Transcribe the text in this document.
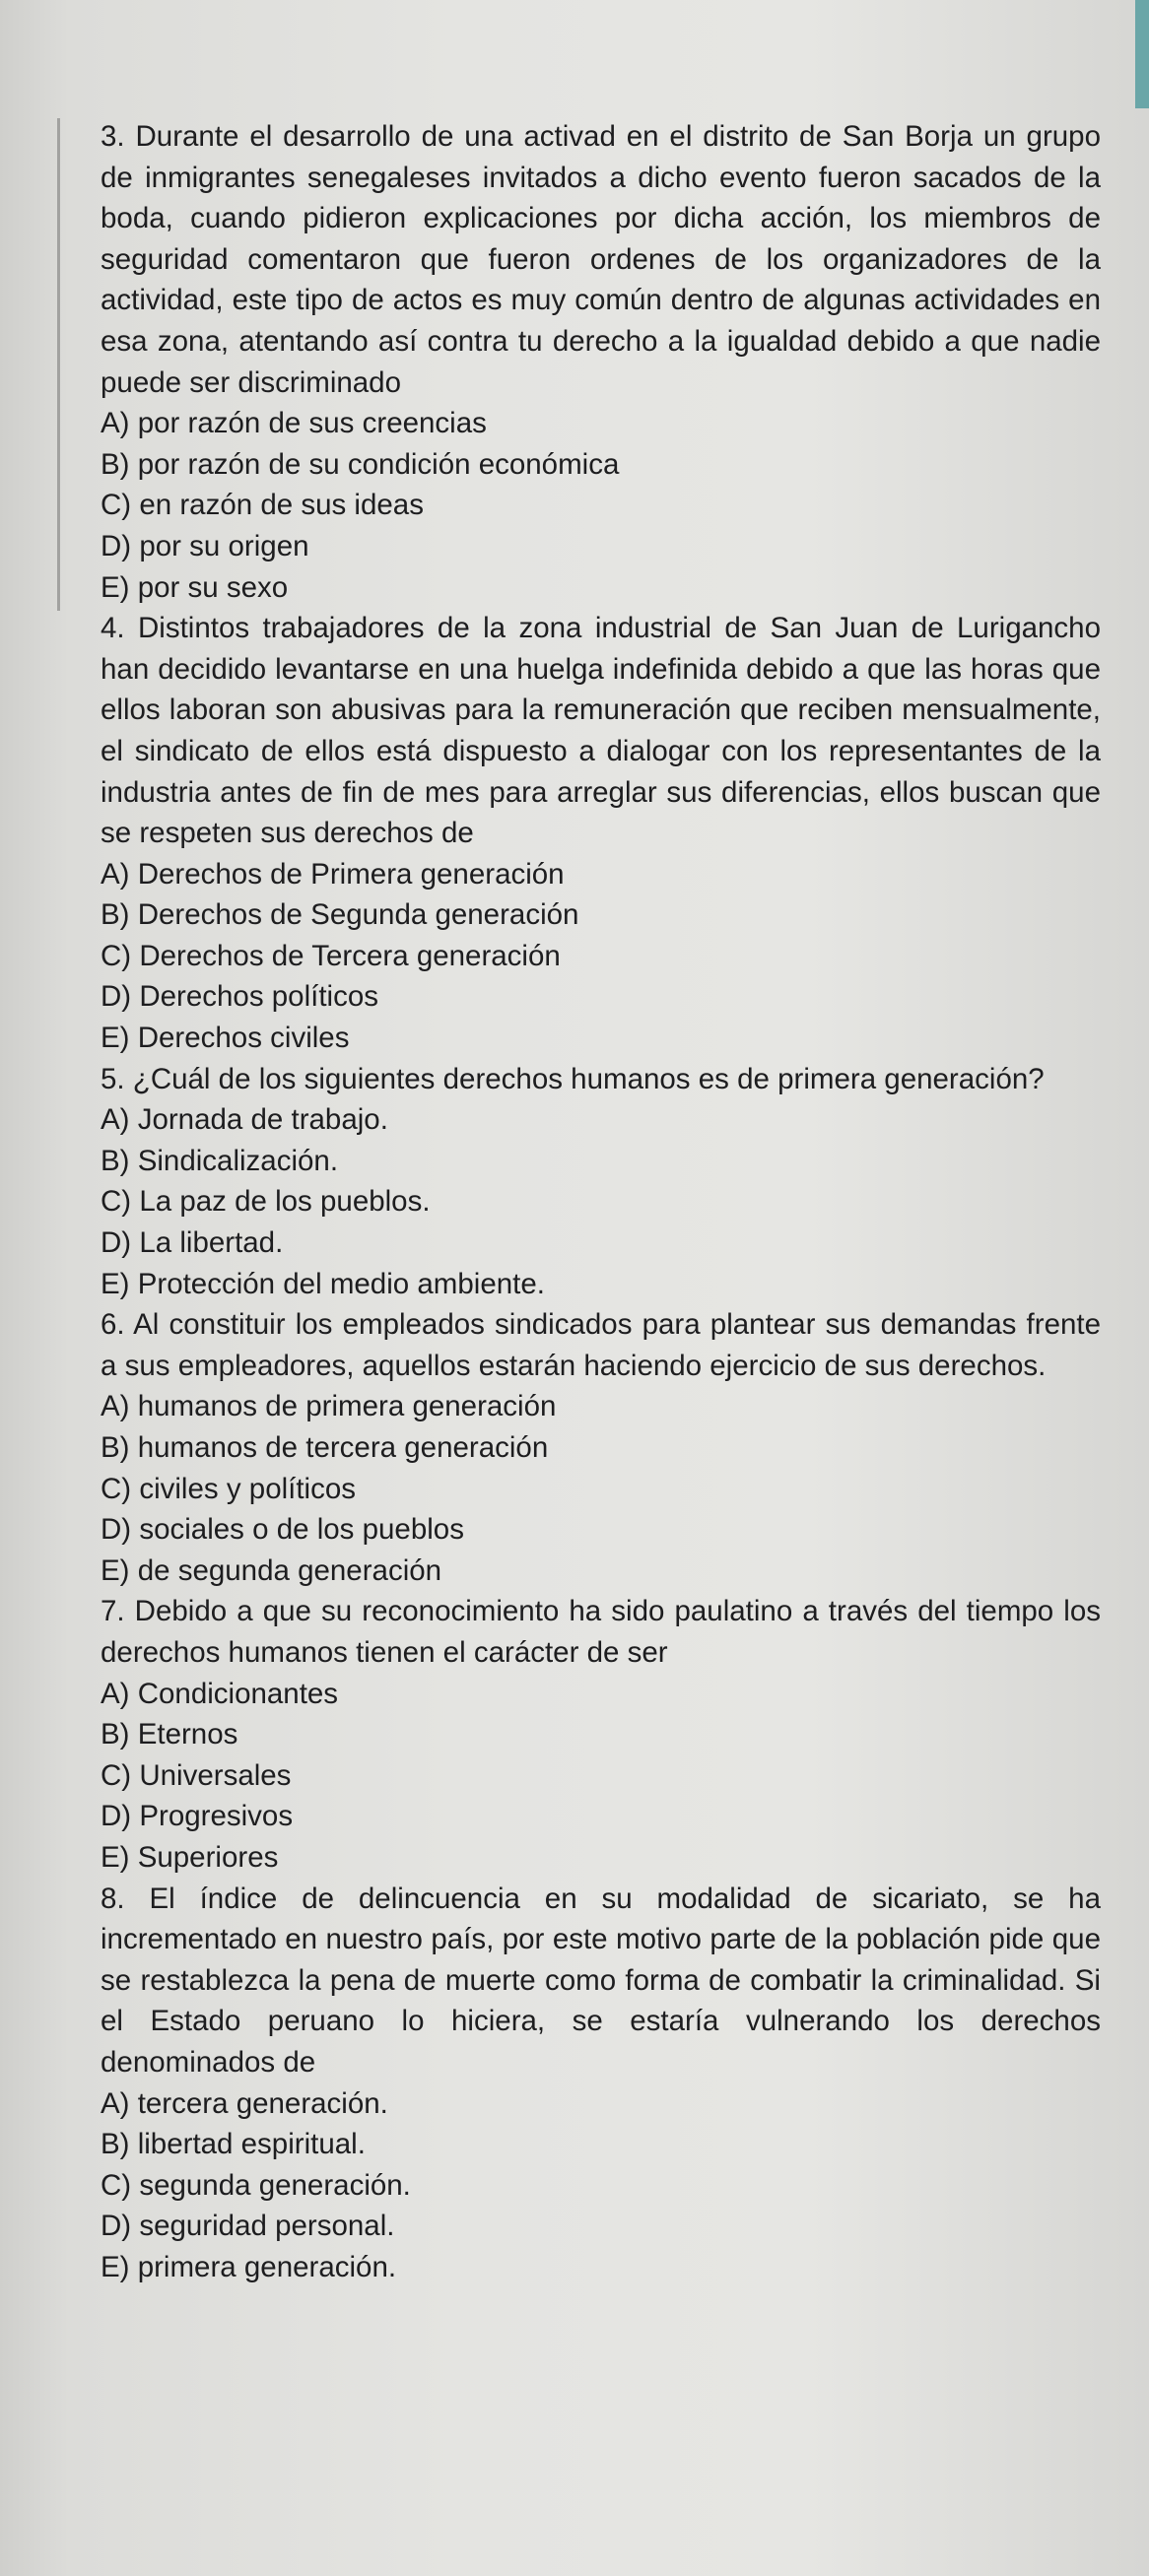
3. Durante el desarrollo de una activad en el distrito de San Borja un grupo de inmigrantes senegaleses invitados a dicho evento fueron sacados de la boda, cuando pidieron explicaciones por dicha acción, los miembros de seguridad comentaron que fueron ordenes de los organizadores de la actividad, este tipo de actos es muy común dentro de algunas actividades en esa zona, atentando así contra tu derecho a la igualdad debido a que nadie puede ser discriminado

A) por razón de sus creencias
B) por razón de su condición económica
C) en razón de sus ideas
D) por su origen
E) por su sexo

4. Distintos trabajadores de la zona industrial de San Juan de Lurigancho han decidido levantarse en una huelga indefinida debido a que las horas que ellos laboran son abusivas para la remuneración que reciben mensualmente, el sindicato de ellos está dispuesto a dialogar con los representantes de la industria antes de fin de mes para arreglar sus diferencias, ellos buscan que se respeten sus derechos de

A) Derechos de Primera generación
B) Derechos de Segunda generación
C) Derechos de Tercera generación
D) Derechos políticos
E) Derechos civiles

5. ¿Cuál de los siguientes derechos humanos es de primera generación?

A) Jornada de trabajo.
B) Sindicalización.
C) La paz de los pueblos.
D) La libertad.
E) Protección del medio ambiente.

6. Al constituir los empleados sindicados para plantear sus demandas frente a sus empleadores, aquellos estarán haciendo ejercicio de sus derechos.

A) humanos de primera generación
B) humanos de tercera generación
C) civiles y políticos
D) sociales o de los pueblos
E) de segunda generación

7. Debido a que su reconocimiento ha sido paulatino a través del tiempo los derechos humanos tienen el carácter de ser

A) Condicionantes
B) Eternos
C) Universales
D) Progresivos
E) Superiores

8. El índice de delincuencia en su modalidad de sicariato, se ha incrementado en nuestro país, por este motivo parte de la población pide que se restablezca la pena de muerte como forma de combatir la criminalidad. Si el Estado peruano lo hiciera, se estaría vulnerando los derechos denominados de

A) tercera generación.
B) libertad espiritual.
C) segunda generación.
D) seguridad personal.
E) primera generación.
